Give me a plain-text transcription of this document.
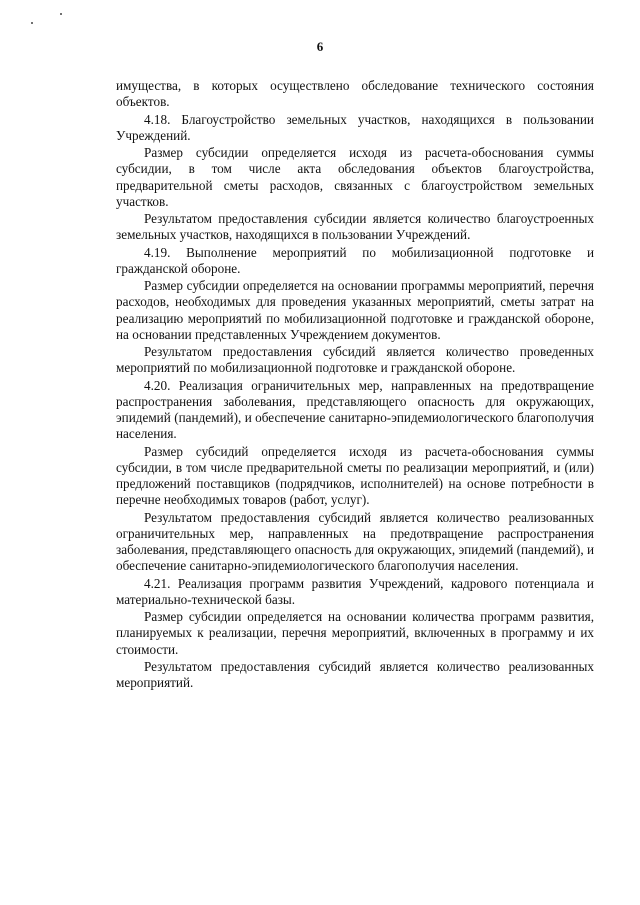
6

имущества, в которых осуществлено обследование технического состояния объектов.

4.18. Благоустройство земельных участков, находящихся в пользовании Учреждений.

Размер субсидии определяется исходя из расчета-обоснования суммы субсидии, в том числе акта обследования объектов благоустройства, предварительной сметы расходов, связанных с благоустройством земельных участков.

Результатом предоставления субсидии является количество благоустроенных земельных участков, находящихся в пользовании Учреждений.

4.19. Выполнение мероприятий по мобилизационной подготовке и гражданской обороне.

Размер субсидии определяется на основании программы мероприятий, перечня расходов, необходимых для проведения указанных мероприятий, сметы затрат на реализацию мероприятий по мобилизационной подготовке и гражданской обороне, на основании представленных Учреждением документов.

Результатом предоставления субсидий является количество проведенных мероприятий по мобилизационной подготовке и гражданской обороне.

4.20. Реализация ограничительных мер, направленных на предотвращение распространения заболевания, представляющего опасность для окружающих, эпидемий (пандемий), и обеспечение санитарно-эпидемиологического благополучия населения.

Размер субсидий определяется исходя из расчета-обоснования суммы субсидии, в том числе предварительной сметы по реализации мероприятий, и (или) предложений поставщиков (подрядчиков, исполнителей) на основе потребности в перечне необходимых товаров (работ, услуг).

Результатом предоставления субсидий является количество реализованных ограничительных мер, направленных на предотвращение распространения заболевания, представляющего опасность для окружающих, эпидемий (пандемий), и обеспечение санитарно-эпидемиологического благополучия населения.

4.21. Реализация программ развития Учреждений, кадрового потенциала и материально-технической базы.

Размер субсидии определяется на основании количества программ развития, планируемых к реализации, перечня мероприятий, включенных в программу и их стоимости.

Результатом предоставления субсидий является количество реализованных мероприятий.
